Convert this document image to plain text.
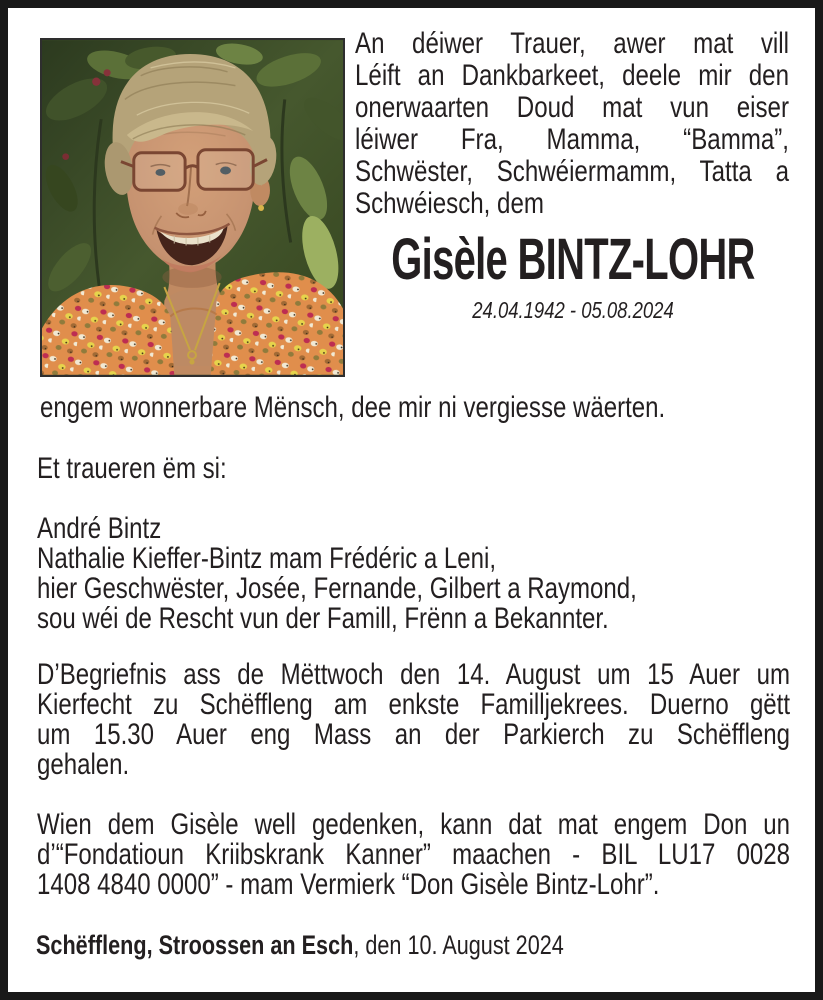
An déiwer Trauer, awer mat vill
Léift an Dankbarkeet, deele mir den
onerwaarten Doud mat vun eiser
léiwer Fra, Mamma, “Bamma”,
Schwëster, Schwéiermamm, Tatta a
Schwéiesch, dem
Gisèle BINTZ-LOHR
24.04.1942 - 05.08.2024
engem wonnerbare Mënsch, dee mir ni vergiesse wäerten.
Et traueren ëm si:
André Bintz
Nathalie Kieffer-Bintz mam Frédéric a Leni,
hier Geschwëster, Josée, Fernande, Gilbert a Raymond,
sou wéi de Rescht vun der Famill, Frënn a Bekannter.
D’Begriefnis ass de Mëttwoch den 14. August um 15 Auer um
Kierfecht zu Schëffleng am enkste Familljekrees. Duerno gëtt
um 15.30 Auer eng Mass an der Parkierch zu Schëffleng
gehalen.
Wien dem Gisèle well gedenken, kann dat mat engem Don un
d’“Fondatioun Kriibskrank Kanner” maachen - BIL LU17 0028
1408 4840 0000” - mam Vermierk “Don Gisèle Bintz-Lohr”.
Schëffleng, Stroossen an Esch, den 10. August 2024
